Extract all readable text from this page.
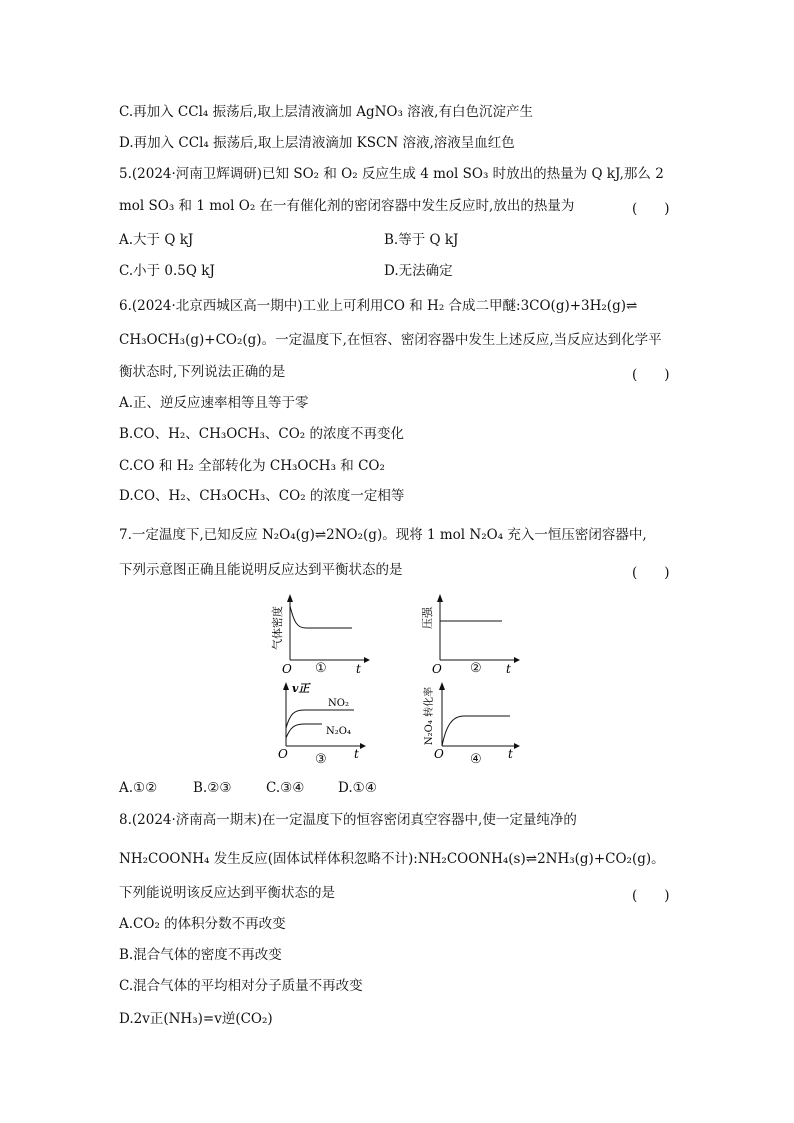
C.再加入 CCl₄ 振荡后,取上层清液滴加 AgNO₃ 溶液,有白色沉淀产生
D.再加入 CCl₄ 振荡后,取上层清液滴加 KSCN 溶液,溶液呈血红色
5.(2024·河南卫辉调研)已知 SO₂ 和 O₂ 反应生成 4 mol SO₃ 时放出的热量为 Q kJ,那么 2
mol SO₃ 和 1 mol O₂ 在一有催化剂的密闭容器中发生反应时,放出的热量为	(　　)
A.大于 Q kJ	B.等于 Q kJ
C.小于 0.5Q kJ	D.无法确定
6.(2024·北京西城区高一期中)工业上可利用CO 和 H₂ 合成二甲醚:3CO(g)+3H₂(g)⇌
CH₃OCH₃(g)+CO₂(g)。一定温度下,在恒容、密闭容器中发生上述反应,当反应达到化学平
衡状态时,下列说法正确的是	(　　)
A.正、逆反应速率相等且等于零
B.CO、H₂、CH₃OCH₃、CO₂ 的浓度不再变化
C.CO 和 H₂ 全部转化为 CH₃OCH₃ 和 CO₂
D.CO、H₂、CH₃OCH₃、CO₂ 的浓度一定相等
7.一定温度下,已知反应 N₂O₄(g)⇌2NO₂(g)。现将 1 mol N₂O₄ 充入一恒压密闭容器中,
下列示意图正确且能说明反应达到平衡状态的是	(　　)
气体密度
O	t
①
压强
O	t
②
v正
NO₂
N₂O₄
O	t
③
N₂O₄ 转化率
O	t
④
A.①②	B.②③	C.③④ D.①④
8.(2024·济南高一期末)在一定温度下的恒容密闭真空容器中,使一定量纯净的
NH₂COONH₄ 发生反应(固体试样体积忽略不计):NH₂COONH₄(s)⇌2NH₃(g)+CO₂(g)。
下列能说明该反应达到平衡状态的是	(　　)
A.CO₂ 的体积分数不再改变
B.混合气体的密度不再改变
C.混合气体的平均相对分子质量不再改变
D.2v正(NH₃)=v逆(CO₂)
